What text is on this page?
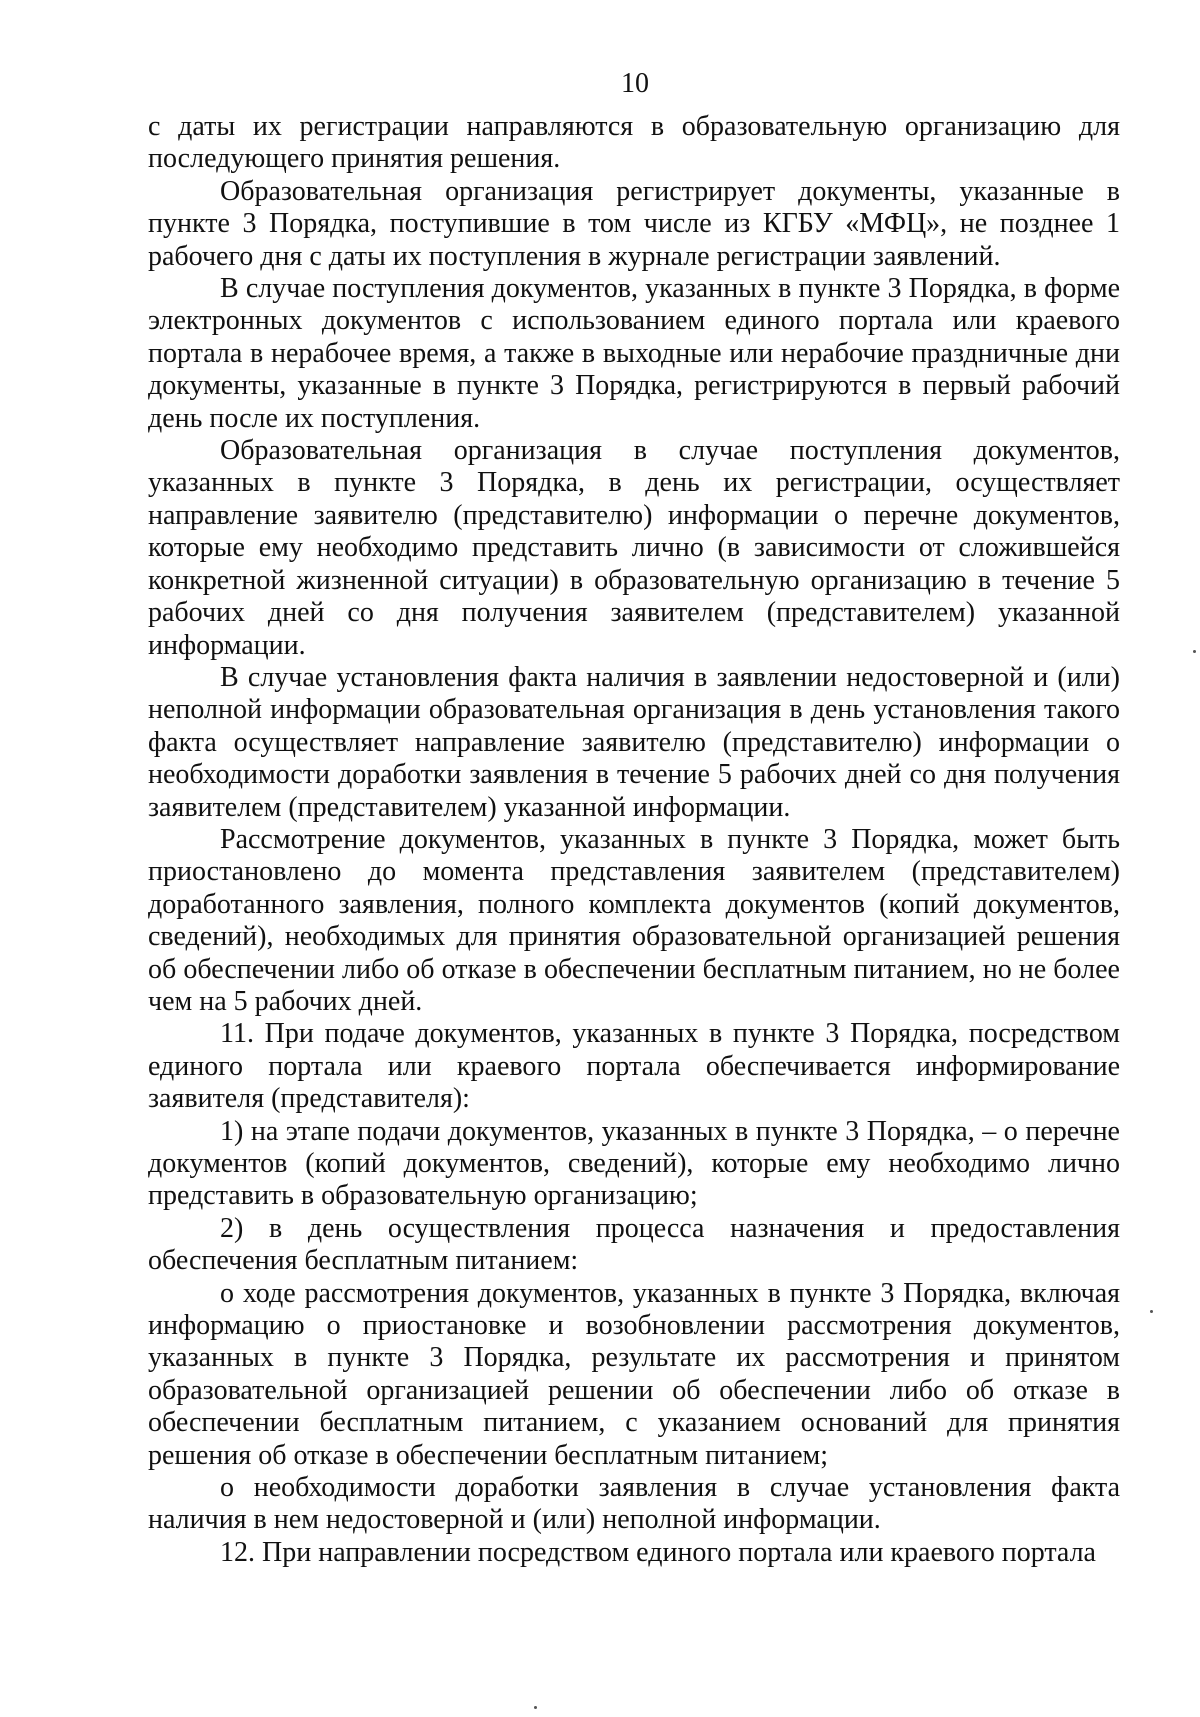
10

с даты их регистрации направляются в образовательную организацию для последующего принятия решения.

Образовательная организация регистрирует документы, указанные в пункте 3 Порядка, поступившие в том числе из КГБУ «МФЦ», не позднее 1 рабочего дня с даты их поступления в журнале регистрации заявлений.

В случае поступления документов, указанных в пункте 3 Порядка, в форме электронных документов с использованием единого портала или краевого портала в нерабочее время, а также в выходные или нерабочие праздничные дни документы, указанные в пункте 3 Порядка, регистрируются в первый рабочий день после их поступления.

Образовательная организация в случае поступления документов, указанных в пункте 3 Порядка, в день их регистрации, осуществляет направление заявителю (представителю) информации о перечне документов, которые ему необходимо представить лично (в зависимости от сложившейся конкретной жизненной ситуации) в образовательную организацию в течение 5 рабочих дней со дня получения заявителем (представителем) указанной информации.

В случае установления факта наличия в заявлении недостоверной и (или) неполной информации образовательная организация в день установления такого факта осуществляет направление заявителю (представителю) информации о необходимости доработки заявления в течение 5 рабочих дней со дня получения заявителем (представителем) указанной информации.

Рассмотрение документов, указанных в пункте 3 Порядка, может быть приостановлено до момента представления заявителем (представителем) доработанного заявления, полного комплекта документов (копий документов, сведений), необходимых для принятия образовательной организацией решения об обеспечении либо об отказе в обеспечении бесплатным питанием, но не более чем на 5 рабочих дней.

11. При подаче документов, указанных в пункте 3 Порядка, посредством единого портала или краевого портала обеспечивается информирование заявителя (представителя):

1) на этапе подачи документов, указанных в пункте 3 Порядка, – о перечне документов (копий документов, сведений), которые ему необходимо лично представить в образовательную организацию;

2) в день осуществления процесса назначения и предоставления обеспечения бесплатным питанием:

о ходе рассмотрения документов, указанных в пункте 3 Порядка, включая информацию о приостановке и возобновлении рассмотрения документов, указанных в пункте 3 Порядка, результате их рассмотрения и принятом образовательной организацией решении об обеспечении либо об отказе в обеспечении бесплатным питанием, с указанием оснований для принятия решения об отказе в обеспечении бесплатным питанием;

о необходимости доработки заявления в случае установления факта наличия в нем недостоверной и (или) неполной информации.

12. При направлении посредством единого портала или краевого портала
